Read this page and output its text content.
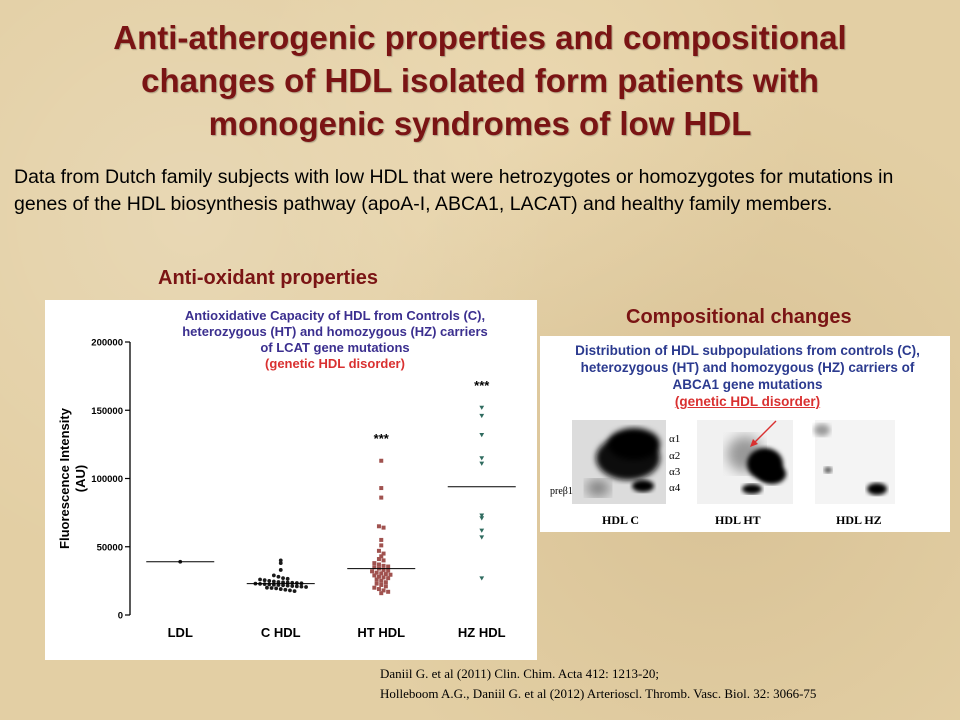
Anti-atherogenic properties and compositional
changes of HDL isolated form patients with
monogenic syndromes of low HDL
Data from Dutch family subjects with low HDL that were hetrozygotes or homozygotes for mutations in genes of the HDL biosynthesis pathway (apoA-I, ABCA1, LACAT) and healthy family members.
Anti-oxidant properties
Compositional changes
Antioxidative Capacity of HDL from Controls (C),
heterozygous (HT) and homozygous (HZ) carriers
of LCAT gene mutations
(genetic HDL disorder)
0
50000
100000
150000
200000
Fluorescence Intensity (AU)
LDL	C HDL	HT HDL	HZ HDL
***
***
Distribution of HDL subpopulations from controls (C),
heterozygous (HT) and homozygous (HZ) carriers of
ABCA1 gene mutations
(genetic HDL disorder)
α1
α2
α3
α4
preβ1
HDL C	HDL HT	HDL HZ
Daniil G. et al (2011) Clin. Chim. Acta 412: 1213-20;
Holleboom A.G., Daniil G. et al (2012) Arterioscl. Thromb. Vasc. Biol. 32: 3066-75
